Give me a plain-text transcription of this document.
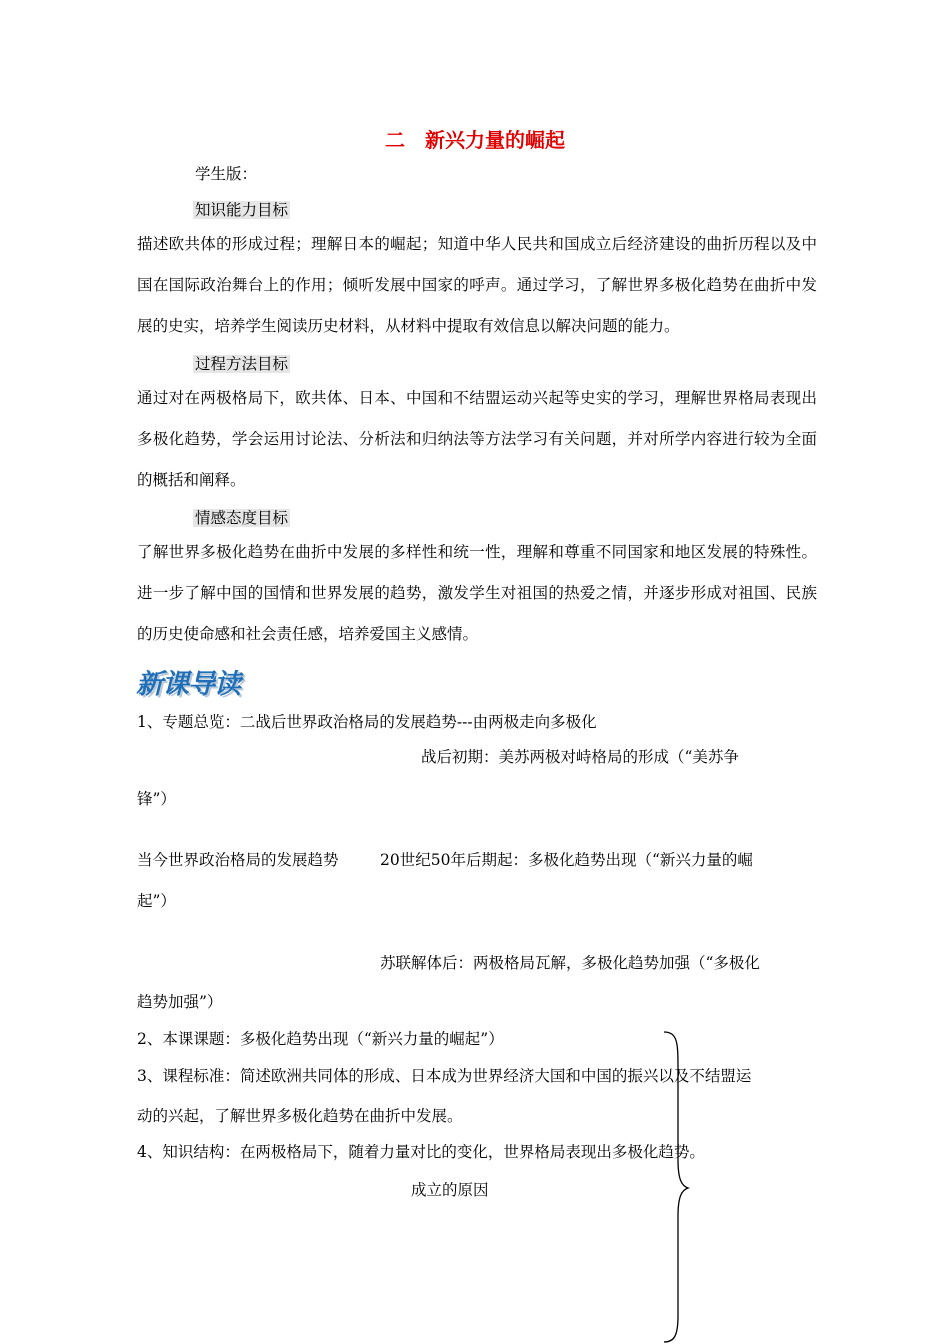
二　新兴力量的崛起
学生版：
知识能力目标
描述欧共体的形成过程；理解日本的崛起；知道中华人民共和国成立后经济建设的曲折历程以及中国在国际政治舞台上的作用；倾听发展中国家的呼声。通过学习，了解世界多极化趋势在曲折中发展的史实，培养学生阅读历史材料，从材料中提取有效信息以解决问题的能力。
过程方法目标
通过对在两极格局下，欧共体、日本、中国和不结盟运动兴起等史实的学习，理解世界格局表现出多极化趋势，学会运用讨论法、分析法和归纳法等方法学习有关问题，并对所学内容进行较为全面的概括和阐释。
情感态度目标
了解世界多极化趋势在曲折中发展的多样性和统一性，理解和尊重不同国家和地区发展的特殊性。进一步了解中国的国情和世界发展的趋势，激发学生对祖国的热爱之情，并逐步形成对祖国、民族的历史使命感和社会责任感，培养爱国主义感情。
新课导读
1、专题总览：二战后世界政治格局的发展趋势---由两极走向多极化
战后初期：美苏两极对峙格局的形成（“美苏争
锋”）
当今世界政治格局的发展趋势	20世纪50年后期起：多极化趋势出现（“新兴力量的崛
起”）
苏联解体后：两极格局瓦解，多极化趋势加强（“多极化
趋势加强”）
2、本课课题：多极化趋势出现（“新兴力量的崛起”）
3、课程标准：简述欧洲共同体的形成、日本成为世界经济大国和中国的振兴以及不结盟运
动的兴起，了解世界多极化趋势在曲折中发展。
4、知识结构：在两极格局下，随着力量对比的变化，世界格局表现出多极化趋势。
成立的原因
